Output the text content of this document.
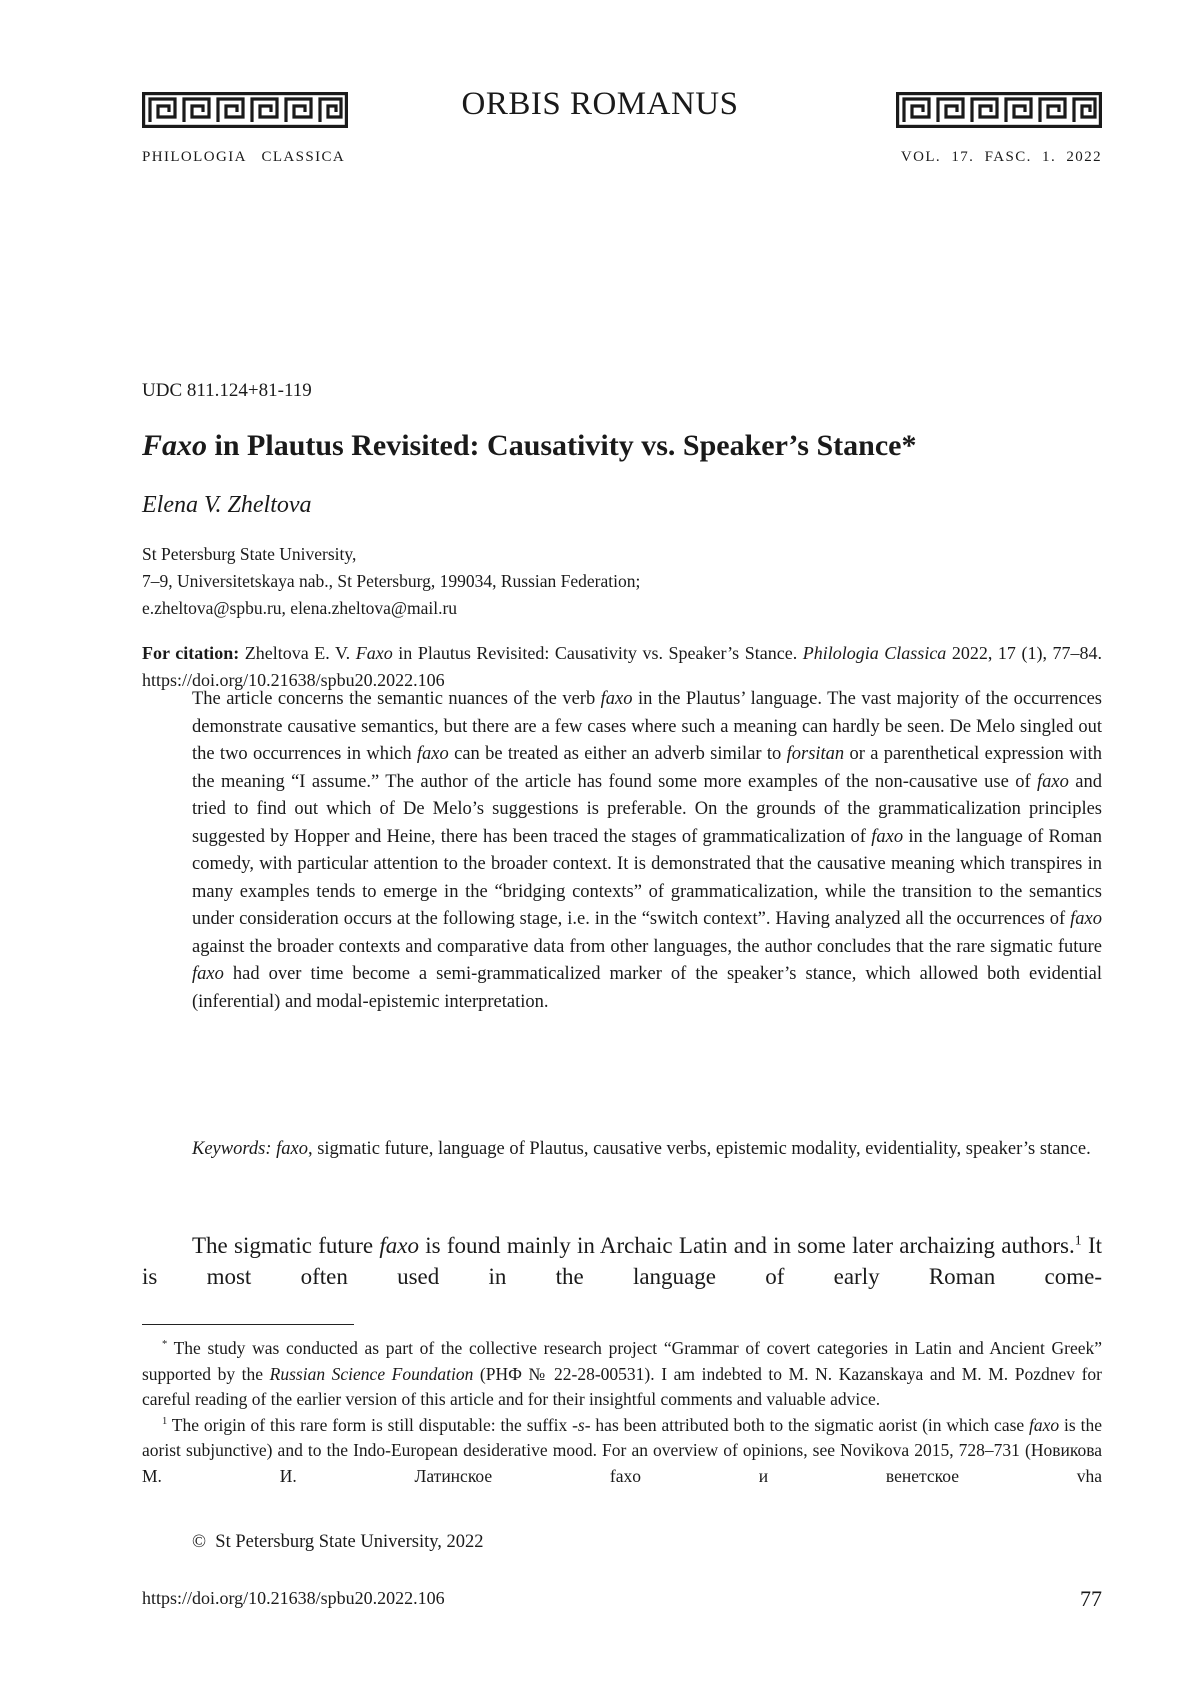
ORBIS ROMANUS
PHILOLOGIA   CLASSICA	VOL.  17.  FASC.  1.  2022
UDC 811.124+81-119
Faxo in Plautus Revisited: Causativity vs. Speaker’s Stance*
Elena V. Zheltova
St Petersburg State University,
7–9, Universitetskaya nab., St Petersburg, 199034, Russian Federation;
e.zheltova@spbu.ru, elena.zheltova@mail.ru
For citation: Zheltova E. V. Faxo in Plautus Revisited: Causativity vs. Speaker’s Stance. Philologia Classica 2022, 17 (1), 77–84. https://doi.org/10.21638/spbu20.2022.106
The article concerns the semantic nuances of the verb faxo in the Plautus’ language. The vast majority of the occurrences demonstrate causative semantics, but there are a few cases where such a meaning can hardly be seen. De Melo singled out the two occurrences in which faxo can be treated as either an adverb similar to forsitan or a parenthetical expression with the meaning “I assume.” The author of the article has found some more examples of the non-causative use of faxo and tried to find out which of De Melo’s suggestions is preferable. On the grounds of the grammaticalization principles suggested by Hopper and Heine, there has been traced the stages of grammaticalization of faxo in the language of Roman comedy, with particular attention to the broader context. It is demonstrated that the causative meaning which transpires in many examples tends to emerge in the “bridging contexts” of grammaticalization, while the transition to the semantics under consideration occurs at the following stage, i.e. in the “switch context”. Having analyzed all the occurrences of faxo against the broader contexts and comparative data from other languages, the author concludes that the rare sigmatic future faxo had over time become a semi-grammaticalized marker of the speaker’s stance, which allowed both evidential (inferential) and modal-epistemic interpretation.
Keywords: faxo, sigmatic future, language of Plautus, causative verbs, epistemic modality, evidentiality, speaker’s stance.
The sigmatic future faxo is found mainly in Archaic Latin and in some later archaizing authors.$^1$ It is most often used in the language of early Roman come-

* The study was conducted as part of the collective research project “Grammar of covert categories in Latin and Ancient Greek” supported by the Russian Science Foundation (РНФ № 22-28-00531). I am indebted to M. N. Kazanskaya and M. M. Pozdnev for careful reading of the earlier version of this article and for their insightful comments and valuable advice.

$^1$ The origin of this rare form is still disputable: the suffix -s- has been attributed both to the sigmatic aorist (in which case faxo is the aorist subjunctive) and to the Indo-European desiderative mood. For an overview of opinions, see Novikova 2015, 728–731 (Новикова М. И. Латинское faxo и венетское vha

©  St Petersburg State University, 2022
https://doi.org/10.21638/spbu20.2022.106	77
